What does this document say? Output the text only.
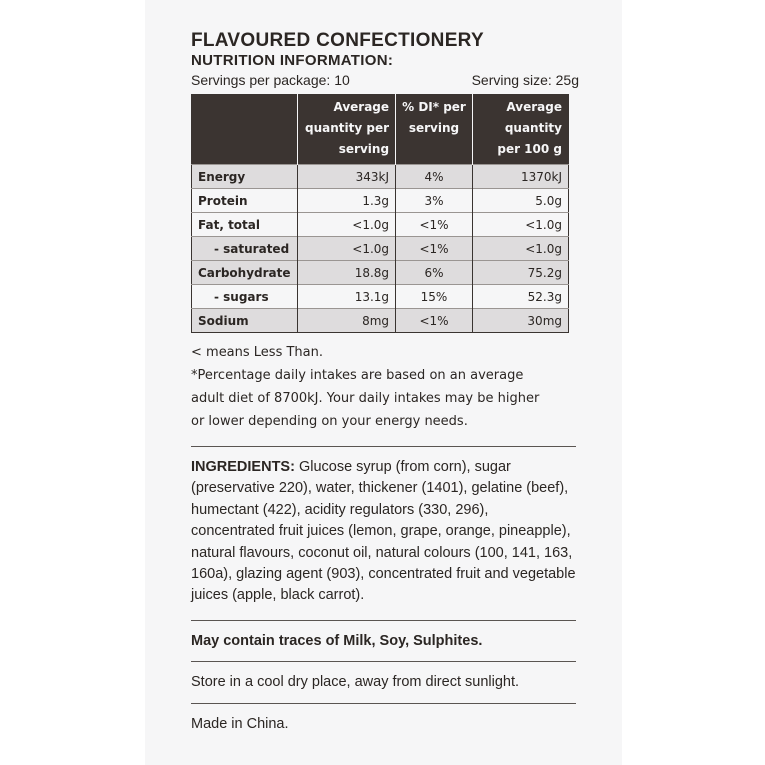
FLAVOURED CONFECTIONERY
NUTRITION INFORMATION:
Servings per package: 10	Serving size: 25g
	Average quantity per serving	% DI* per serving	Average quantity per 100 g
Energy	343kJ	4%	1370kJ
Protein	1.3g	3%	5.0g
Fat, total	<1.0g	<1%	<1.0g
- saturated	<1.0g	<1%	<1.0g
Carbohydrate	18.8g	6%	75.2g
- sugars	13.1g	15%	52.3g
Sodium	8mg	<1%	30mg
< means Less Than.
*Percentage daily intakes are based on an average adult diet of 8700kJ. Your daily intakes may be higher or lower depending on your energy needs.
INGREDIENTS: Glucose syrup (from corn), sugar (preservative 220), water, thickener (1401), gelatine (beef), humectant (422), acidity regulators (330, 296), concentrated fruit juices (lemon, grape, orange, pineapple), natural flavours, coconut oil, natural colours (100, 141, 163, 160a), glazing agent (903), concentrated fruit and vegetable juices (apple, black carrot).
May contain traces of Milk, Soy, Sulphites.
Store in a cool dry place, away from direct sunlight.
Made in China.
